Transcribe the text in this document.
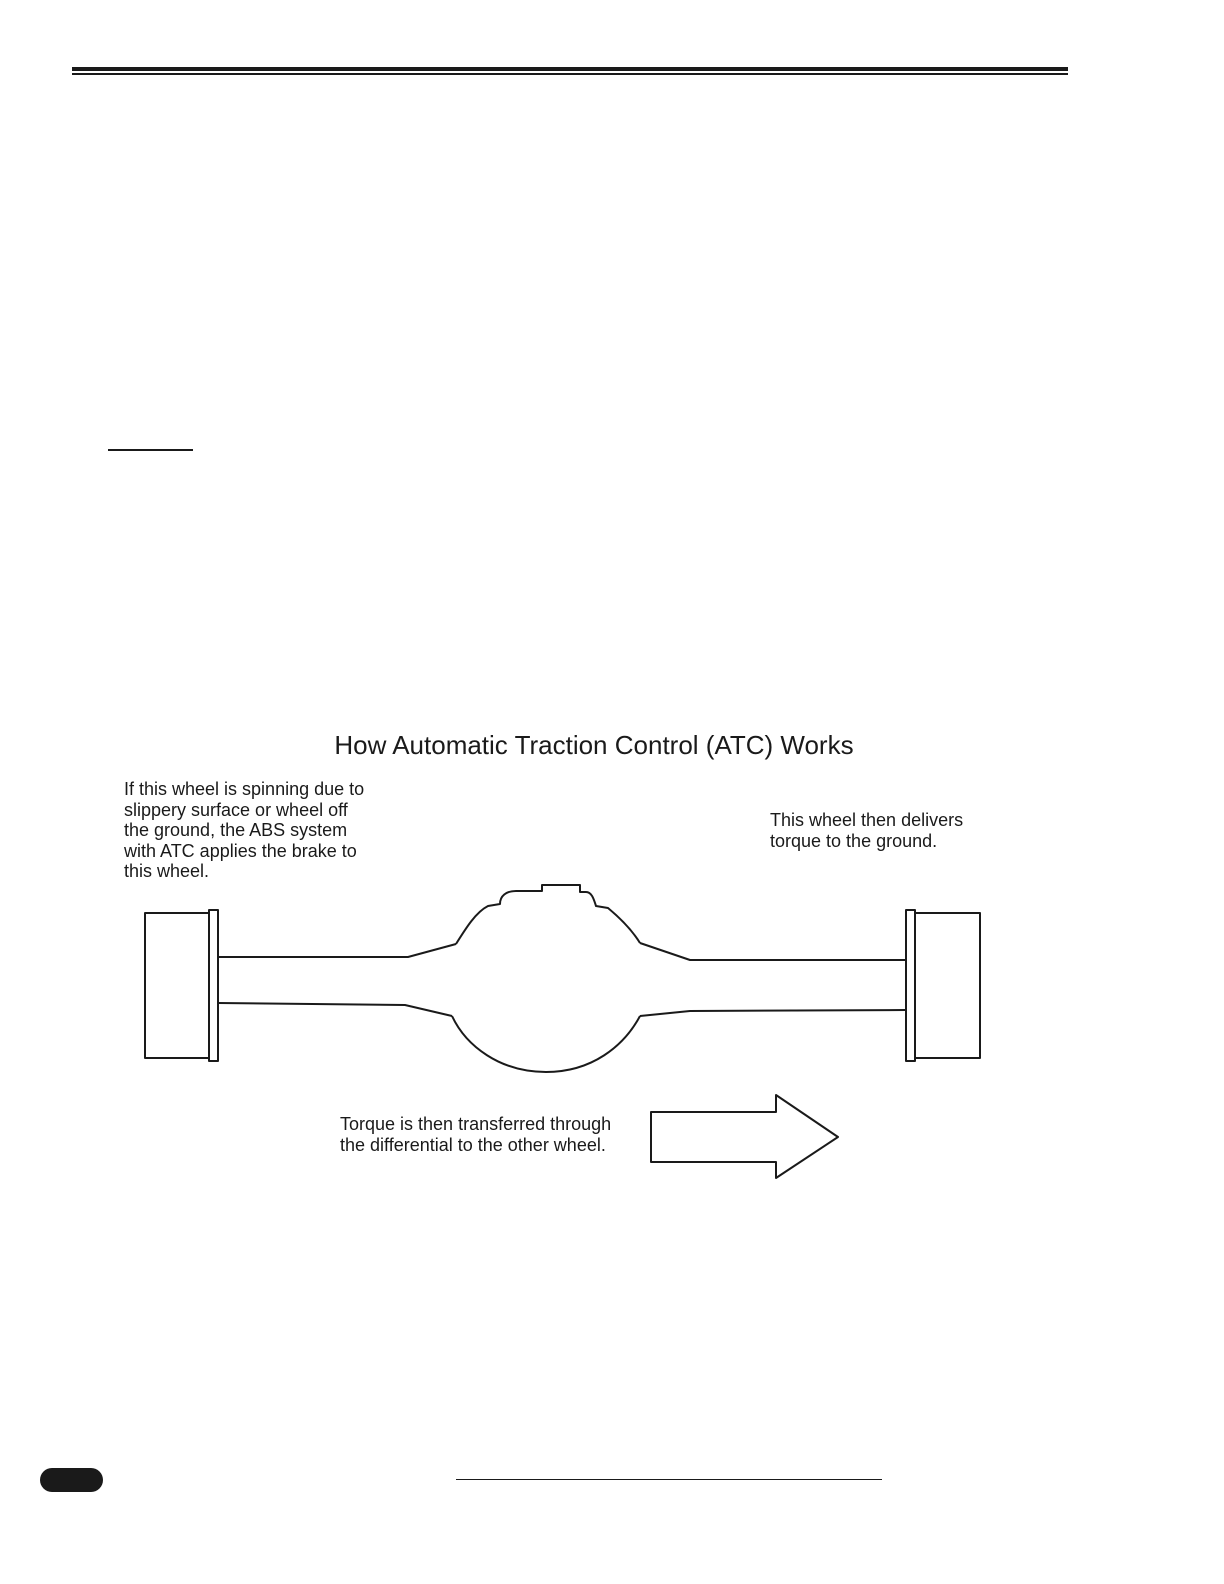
How Automatic Traction Control (ATC) Works
If this wheel is spinning due to
slippery surface or wheel off
the ground, the ABS system
with ATC applies the brake to
this wheel.
This wheel then delivers
torque to the ground.
Torque is then transferred through
the differential to the other wheel.
